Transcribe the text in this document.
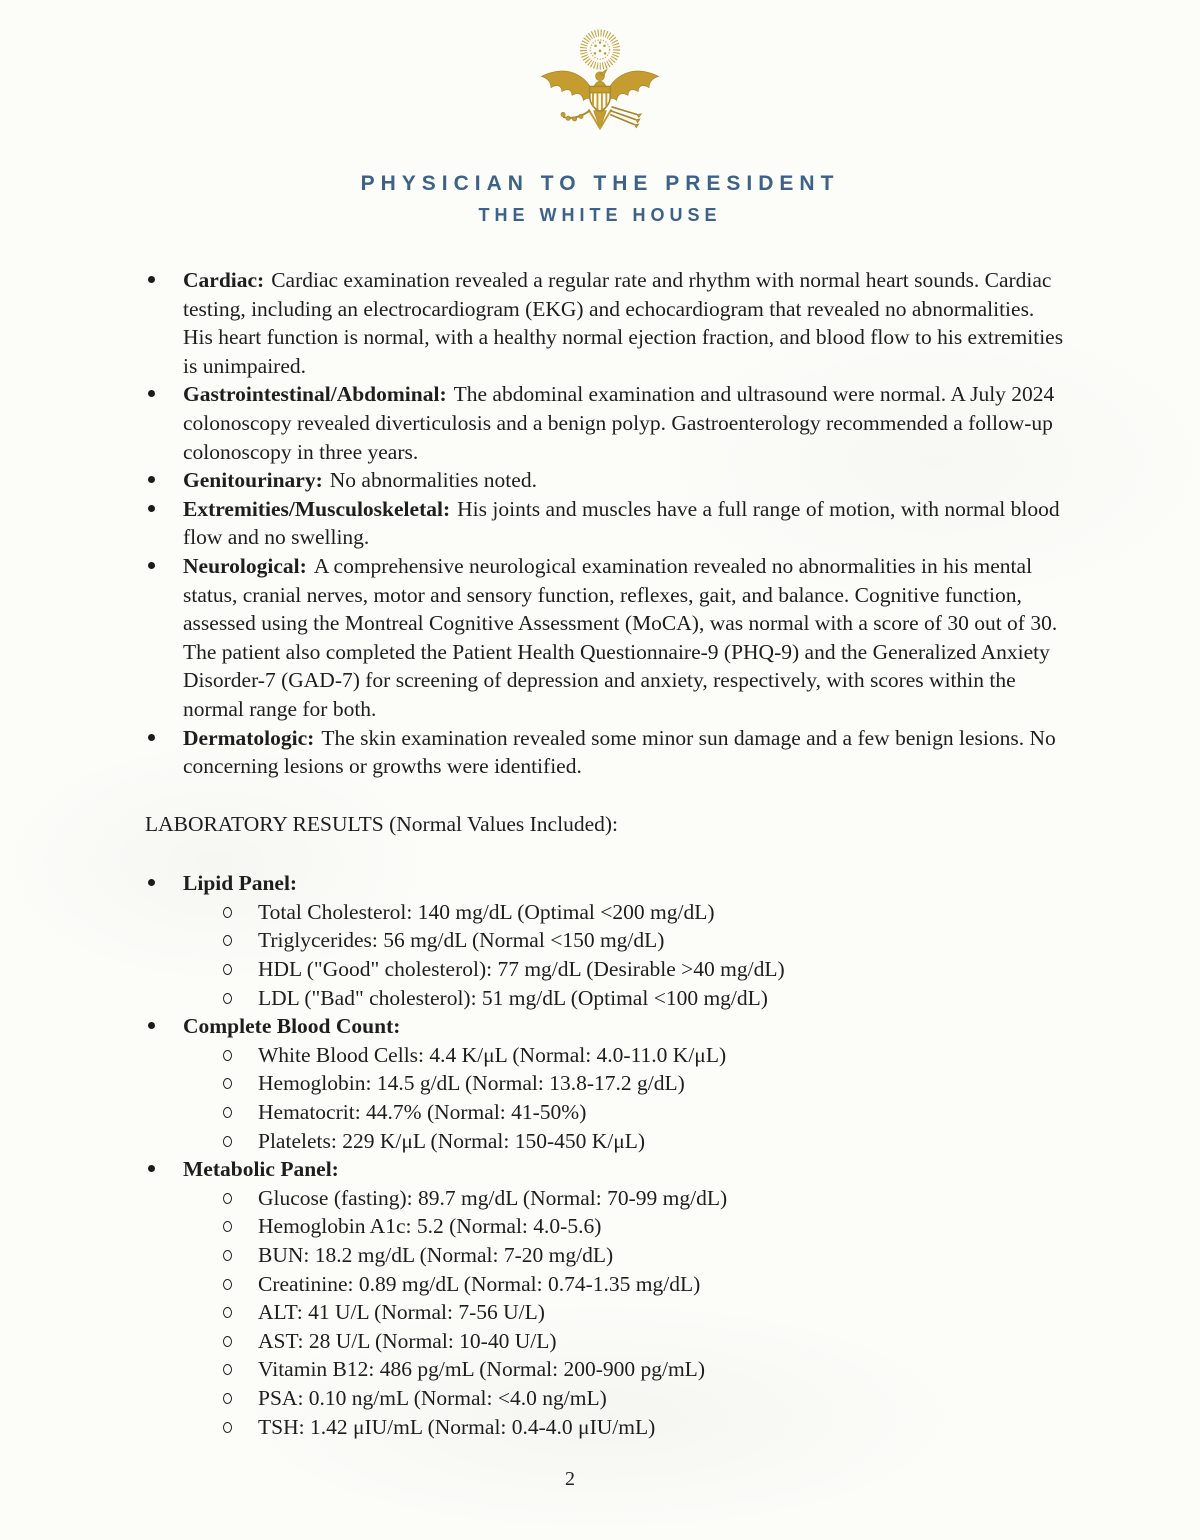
PHYSICIAN TO THE PRESIDENT
THE WHITE HOUSE
Cardiac: Cardiac examination revealed a regular rate and rhythm with normal heart sounds. Cardiac testing, including an electrocardiogram (EKG) and echocardiogram that revealed no abnormalities. His heart function is normal, with a healthy normal ejection fraction, and blood flow to his extremities is unimpaired.
Gastrointestinal/Abdominal: The abdominal examination and ultrasound were normal. A July 2024 colonoscopy revealed diverticulosis and a benign polyp. Gastroenterology recommended a follow-up colonoscopy in three years.
Genitourinary: No abnormalities noted.
Extremities/Musculoskeletal: His joints and muscles have a full range of motion, with normal blood flow and no swelling.
Neurological: A comprehensive neurological examination revealed no abnormalities in his mental status, cranial nerves, motor and sensory function, reflexes, gait, and balance. Cognitive function, assessed using the Montreal Cognitive Assessment (MoCA), was normal with a score of 30 out of 30. The patient also completed the Patient Health Questionnaire-9 (PHQ-9) and the Generalized Anxiety Disorder-7 (GAD-7) for screening of depression and anxiety, respectively, with scores within the normal range for both.
Dermatologic: The skin examination revealed some minor sun damage and a few benign lesions. No concerning lesions or growths were identified.
LABORATORY RESULTS (Normal Values Included):
Lipid Panel:
Total Cholesterol: 140 mg/dL (Optimal <200 mg/dL)
Triglycerides: 56 mg/dL (Normal <150 mg/dL)
HDL ("Good" cholesterol): 77 mg/dL (Desirable >40 mg/dL)
LDL ("Bad" cholesterol): 51 mg/dL (Optimal <100 mg/dL)
Complete Blood Count:
White Blood Cells: 4.4 K/μL (Normal: 4.0-11.0 K/μL)
Hemoglobin: 14.5 g/dL (Normal: 13.8-17.2 g/dL)
Hematocrit: 44.7% (Normal: 41-50%)
Platelets: 229 K/μL (Normal: 150-450 K/μL)
Metabolic Panel:
Glucose (fasting): 89.7 mg/dL (Normal: 70-99 mg/dL)
Hemoglobin A1c: 5.2 (Normal: 4.0-5.6)
BUN: 18.2 mg/dL (Normal: 7-20 mg/dL)
Creatinine: 0.89 mg/dL (Normal: 0.74-1.35 mg/dL)
ALT: 41 U/L (Normal: 7-56 U/L)
AST: 28 U/L (Normal: 10-40 U/L)
Vitamin B12: 486 pg/mL (Normal: 200-900 pg/mL)
PSA: 0.10 ng/mL (Normal: <4.0 ng/mL)
TSH: 1.42 μIU/mL (Normal: 0.4-4.0 μIU/mL)
2
